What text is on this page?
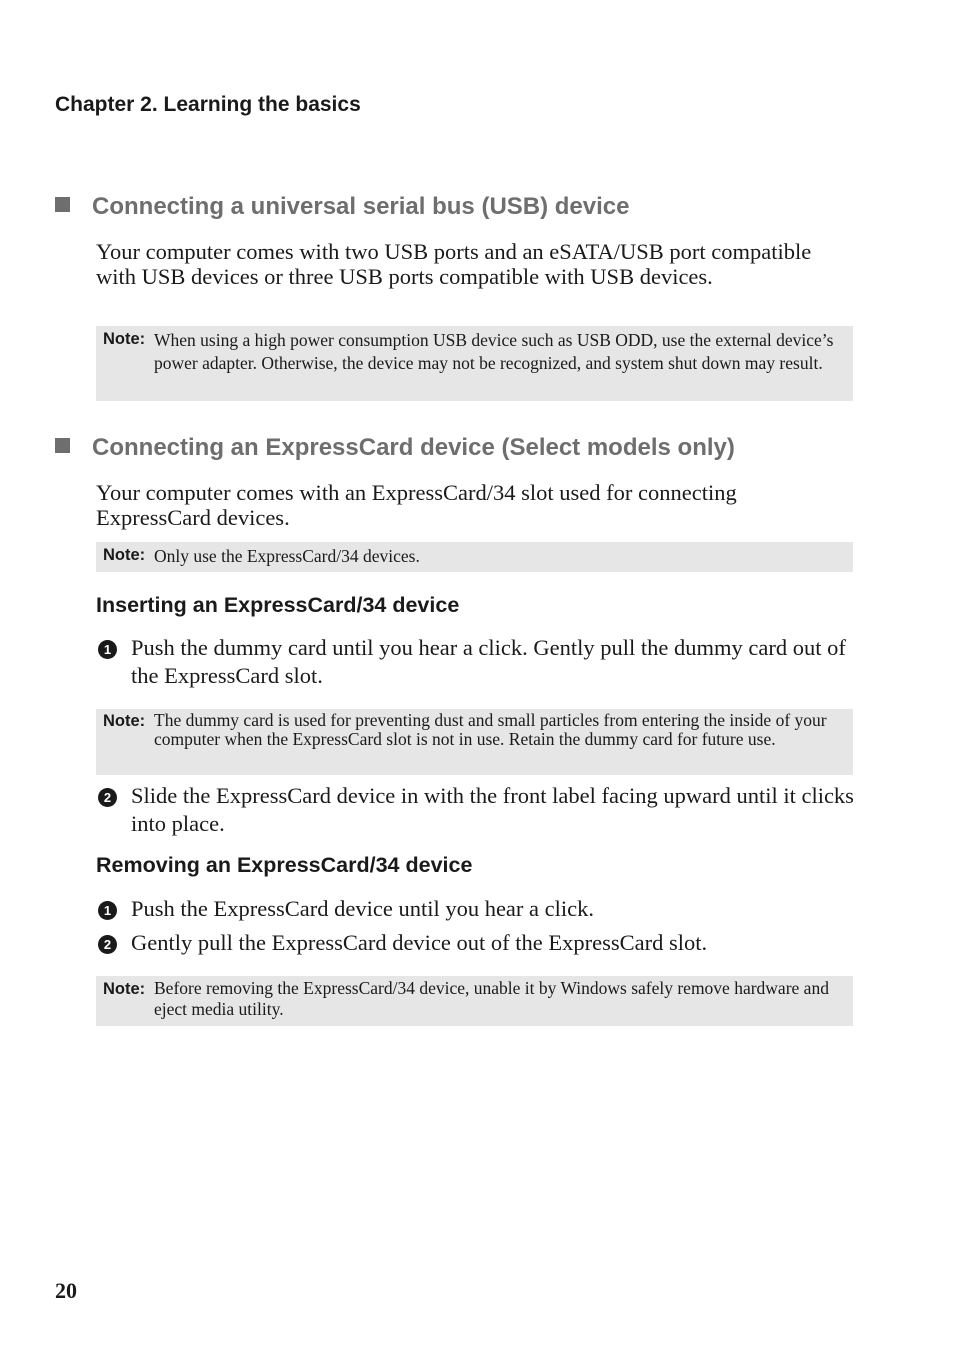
Chapter 2. Learning the basics
Connecting a universal serial bus (USB) device
Your computer comes with two USB ports and an eSATA/USB port compatible with USB devices or three USB ports compatible with USB devices.
Note: When using a high power consumption USB device such as USB ODD, use the external device’s power adapter. Otherwise, the device may not be recognized, and system shut down may result.
Connecting an ExpressCard device (Select models only)
Your computer comes with an ExpressCard/34 slot used for connecting ExpressCard devices.
Note: Only use the ExpressCard/34 devices.
Inserting an ExpressCard/34 device
1 Push the dummy card until you hear a click. Gently pull the dummy card out of the ExpressCard slot.
Note: The dummy card is used for preventing dust and small particles from entering the inside of your computer when the ExpressCard slot is not in use. Retain the dummy card for future use.
2 Slide the ExpressCard device in with the front label facing upward until it clicks into place.
Removing an ExpressCard/34 device
1 Push the ExpressCard device until you hear a click.
2 Gently pull the ExpressCard device out of the ExpressCard slot.
Note: Before removing the ExpressCard/34 device, unable it by Windows safely remove hardware and eject media utility.
20
